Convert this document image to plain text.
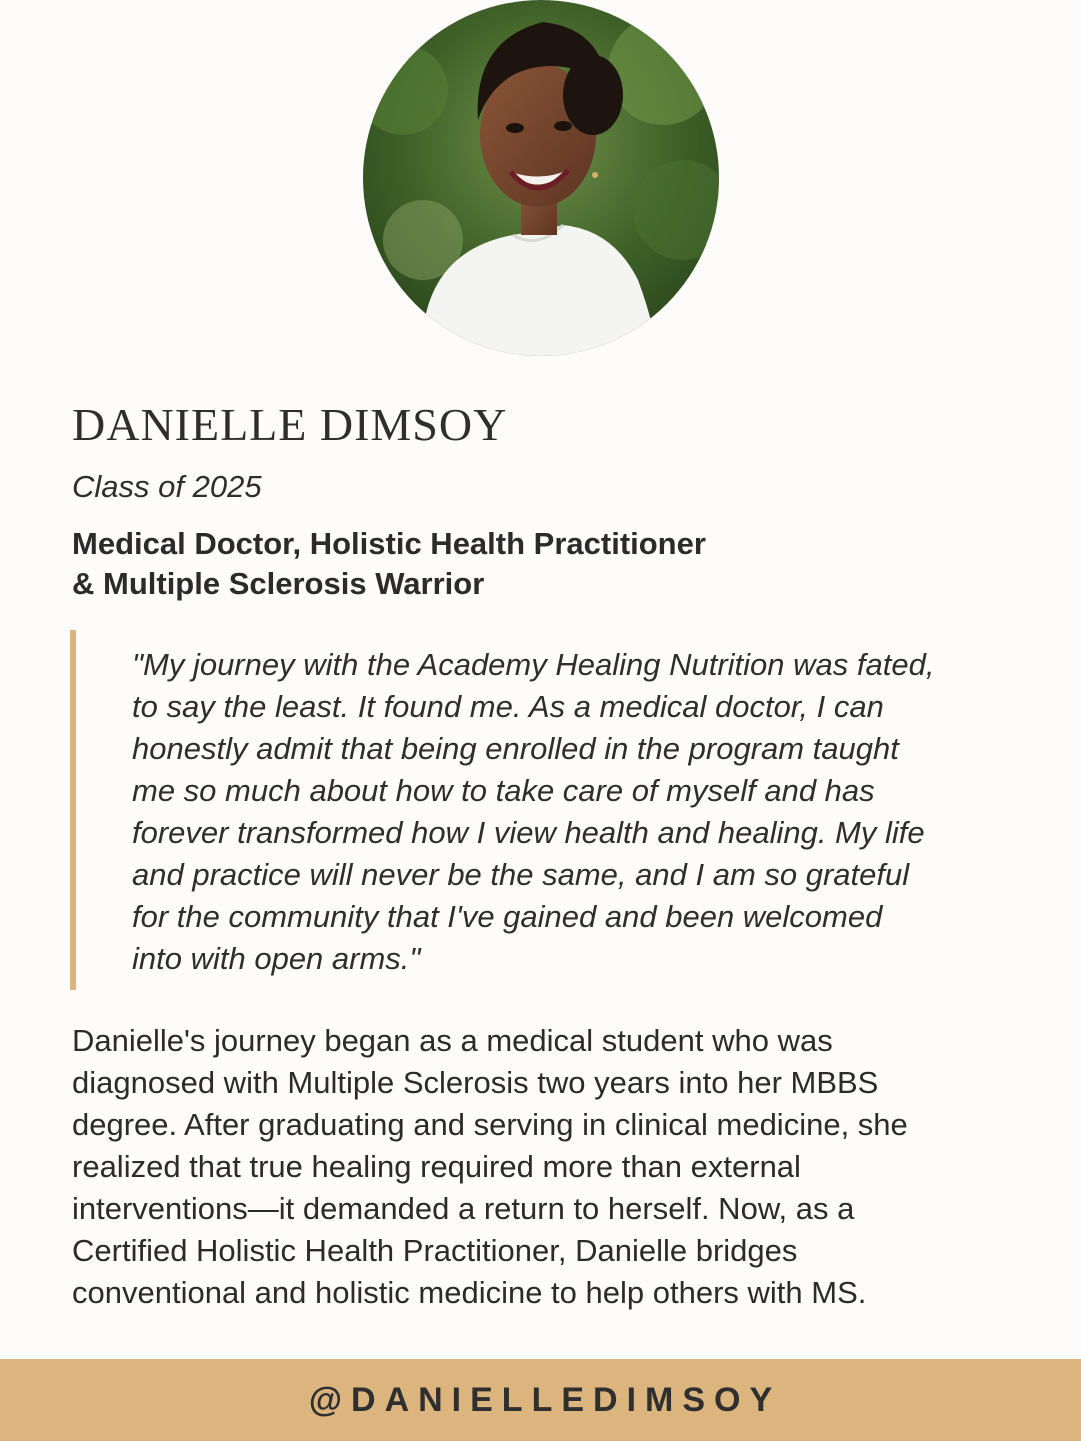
DANIELLE DIMSOY
Class of 2025
Medical Doctor, Holistic Health Practitioner
& Multiple Sclerosis Warrior
"My journey with the Academy Healing Nutrition was fated,
to say the least. It found me. As a medical doctor, I can
honestly admit that being enrolled in the program taught
me so much about how to take care of myself and has
forever transformed how I view health and healing. My life
and practice will never be the same, and I am so grateful
for the community that I've gained and been welcomed
into with open arms."
Danielle's journey began as a medical student who was
diagnosed with Multiple Sclerosis two years into her MBBS
degree. After graduating and serving in clinical medicine, she
realized that true healing required more than external
interventions—it demanded a return to herself. Now, as a
Certified Holistic Health Practitioner, Danielle bridges
conventional and holistic medicine to help others with MS.
@DANIELLEDIMSOY
